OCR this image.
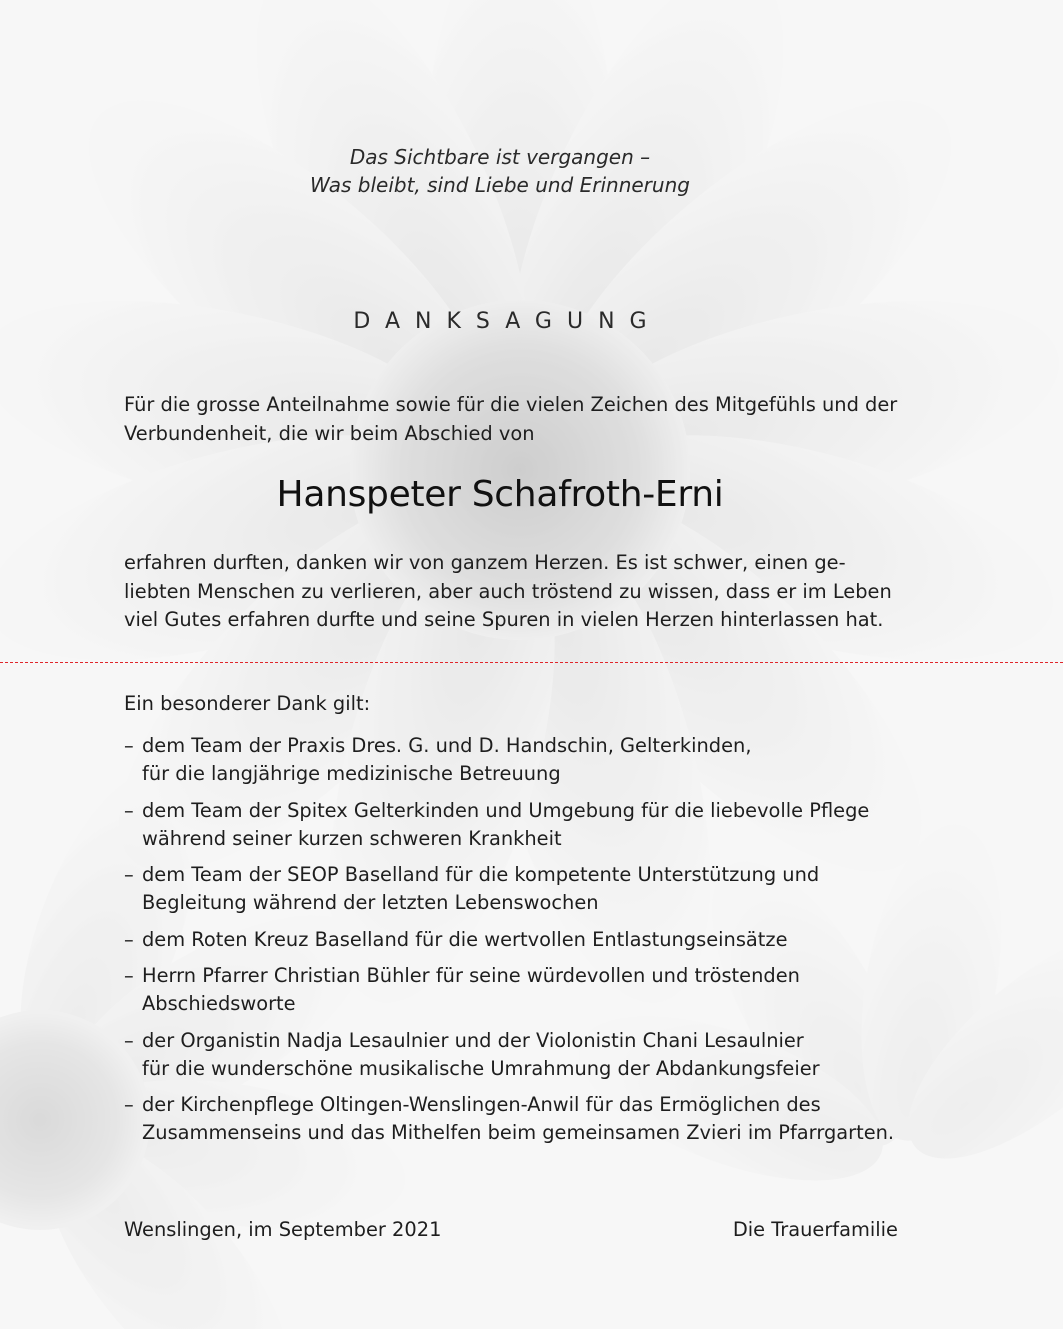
Das Sichtbare ist vergangen –
Was bleibt, sind Liebe und Erinnerung
DANKSAGUNG
Für die grosse Anteilnahme sowie für die vielen Zeichen des Mitgefühls und der
Verbundenheit, die wir beim Abschied von
Hanspeter Schafroth-Erni
erfahren durften, danken wir von ganzem Herzen. Es ist schwer, einen ge-
liebten Menschen zu verlieren, aber auch tröstend zu wissen, dass er im Leben
viel Gutes erfahren durfte und seine Spuren in vielen Herzen hinterlassen hat.
Ein besonderer Dank gilt:
– dem Team der Praxis Dres. G. und D. Handschin, Gelterkinden,
für die langjährige medizinische Betreuung
– dem Team der Spitex Gelterkinden und Umgebung für die liebevolle Pflege
während seiner kurzen schweren Krankheit
– dem Team der SEOP Baselland für die kompetente Unterstützung und
Begleitung während der letzten Lebenswochen
– dem Roten Kreuz Baselland für die wertvollen Entlastungseinsätze
– Herrn Pfarrer Christian Bühler für seine würdevollen und tröstenden
Abschiedsworte
– der Organistin Nadja Lesaulnier und der Violonistin Chani Lesaulnier
für die wunderschöne musikalische Umrahmung der Abdankungsfeier
– der Kirchenpflege Oltingen-Wenslingen-Anwil für das Ermöglichen des
Zusammenseins und das Mithelfen beim gemeinsamen Zvieri im Pfarrgarten.
Wenslingen, im September 2021	Die Trauerfamilie
